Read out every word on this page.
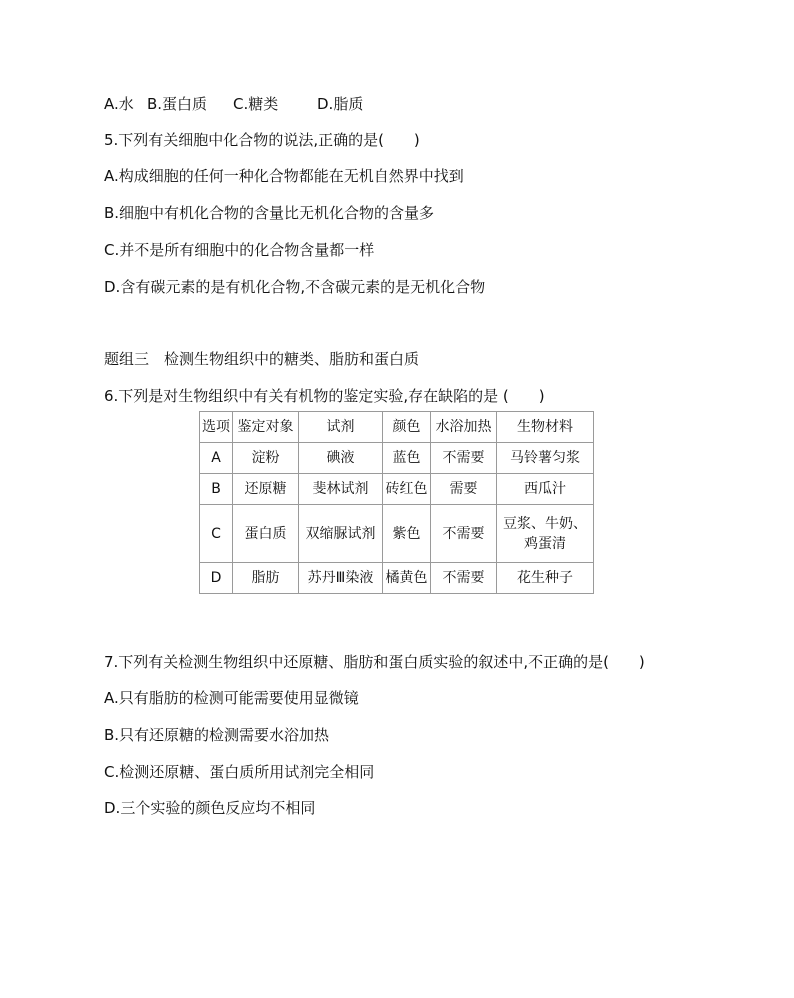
A.水 B.蛋白质 C.糖类	D.脂质
5.下列有关细胞中化合物的说法,正确的是(　　)
A.构成细胞的任何一种化合物都能在无机自然界中找到
B.细胞中有机化合物的含量比无机化合物的含量多
C.并不是所有细胞中的化合物含量都一样
D.含有碳元素的是有机化合物,不含碳元素的是无机化合物
题组三　检测生物组织中的糖类、脂肪和蛋白质
6.下列是对生物组织中有关有机物的鉴定实验,存在缺陷的是 (　　)
选项	鉴定对象	试剂	颜色	水浴加热	生物材料
A	淀粉	碘液	蓝色	不需要	马铃薯匀浆
B	还原糖	斐林试剂	砖红色	需要	西瓜汁
C	蛋白质	双缩脲试剂	紫色	不需要	豆浆、牛奶、鸡蛋清
D	脂肪	苏丹Ⅲ染液	橘黄色	不需要	花生种子
7.下列有关检测生物组织中还原糖、脂肪和蛋白质实验的叙述中,不正确的是(　　)
A.只有脂肪的检测可能需要使用显微镜
B.只有还原糖的检测需要水浴加热
C.检测还原糖、蛋白质所用试剂完全相同
D.三个实验的颜色反应均不相同
